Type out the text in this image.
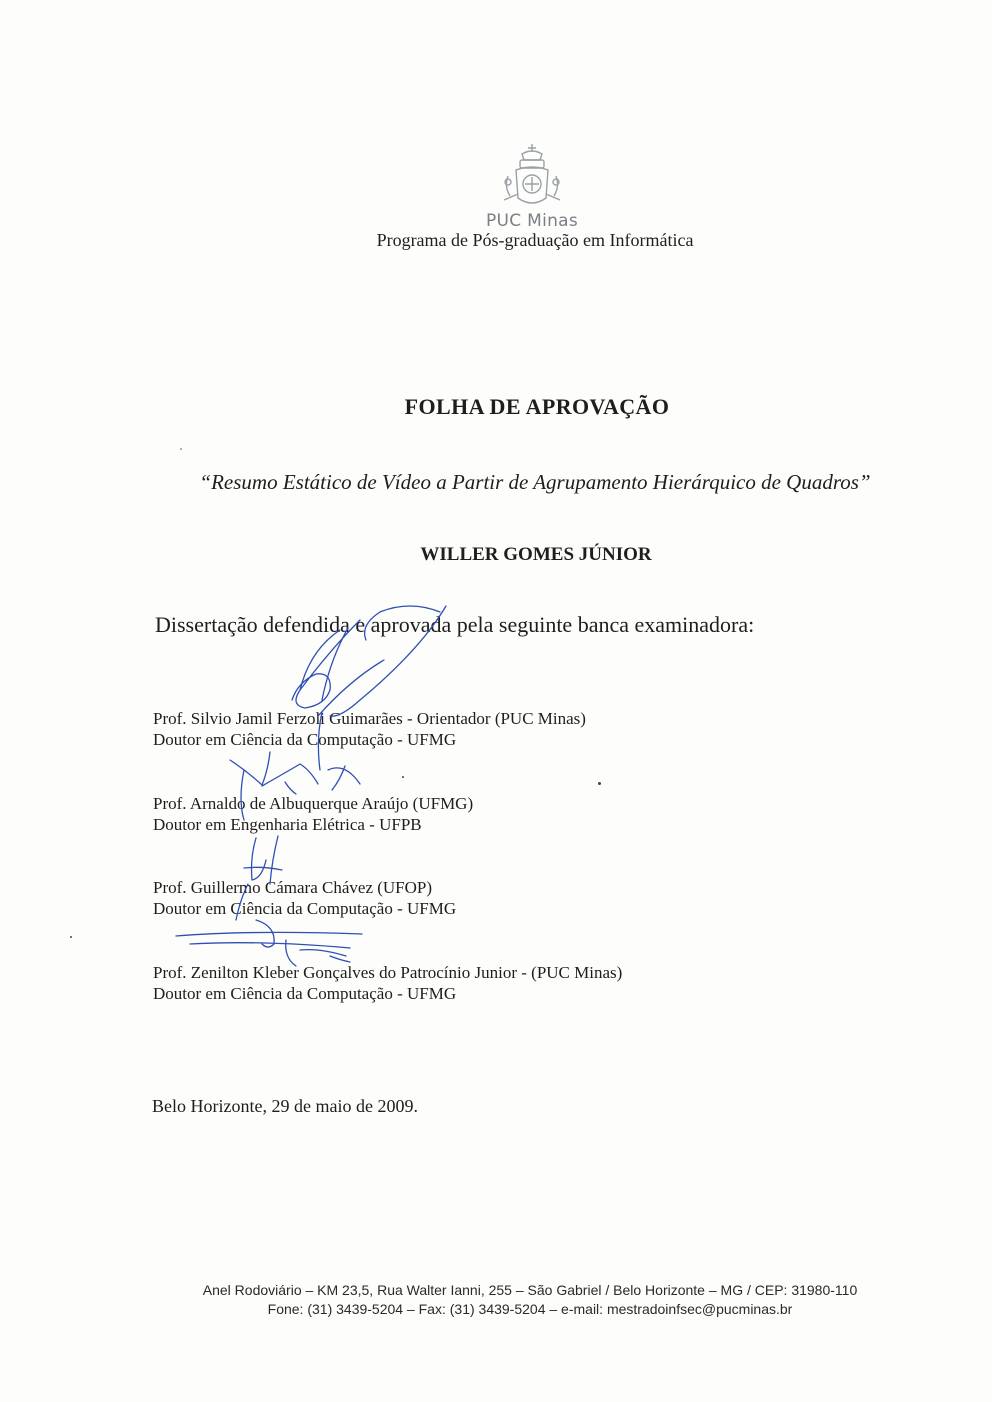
PUC Minas
Programa de Pós-graduação em Informática
FOLHA DE APROVAÇÃO
“Resumo Estático de Vídeo a Partir de Agrupamento Hierárquico de Quadros”
WILLER GOMES JÚNIOR
Dissertação defendida e aprovada pela seguinte banca examinadora:
Prof. Silvio Jamil Ferzoli Guimarães - Orientador (PUC Minas)
Doutor em Ciência da Computação - UFMG
Prof. Arnaldo de Albuquerque Araújo (UFMG)
Doutor em Engenharia Elétrica - UFPB
Prof. Guillermo Cámara Chávez (UFOP)
Doutor em Ciência da Computação - UFMG
Prof. Zenilton Kleber Gonçalves do Patrocínio Junior - (PUC Minas)
Doutor em Ciência da Computação - UFMG
Belo Horizonte, 29 de maio de 2009.
Anel Rodoviário – KM 23,5, Rua Walter Ianni, 255 – São Gabriel / Belo Horizonte – MG / CEP: 31980-110
Fone: (31) 3439-5204 – Fax: (31) 3439-5204 – e-mail: mestradoinfsec@pucminas.br
